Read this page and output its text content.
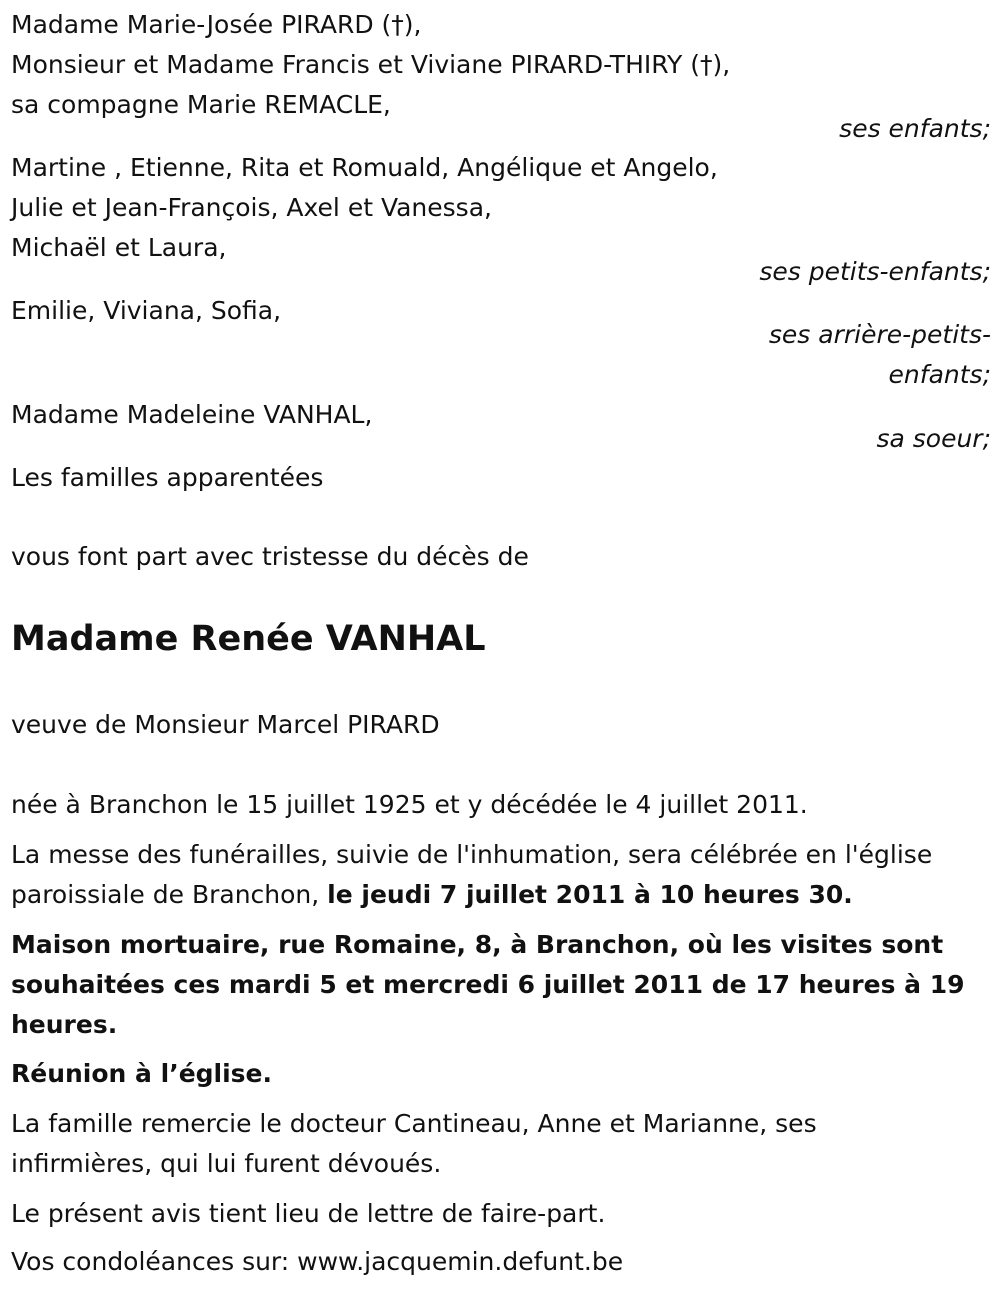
Madame Marie-Josée PIRARD (†),
Monsieur et Madame Francis et Viviane PIRARD-THIRY (†),
sa compagne Marie REMACLE,
ses enfants;
Martine , Etienne, Rita et Romuald, Angélique et Angelo,
Julie et Jean-François, Axel et Vanessa,
Michaël et Laura,
ses petits-enfants;
Emilie, Viviana, Sofia,
ses arrière-petits-
enfants;
Madame Madeleine VANHAL,
sa soeur;
Les familles apparentées
vous font part avec tristesse du décès de
Madame Renée VANHAL
veuve de Monsieur Marcel PIRARD
née à Branchon le 15 juillet 1925 et y décédée le 4 juillet 2011.
La messe des funérailles, suivie de l'inhumation, sera célébrée en l'église
paroissiale de Branchon, le jeudi 7 juillet 2011 à 10 heures 30.
Maison mortuaire, rue Romaine, 8, à Branchon, où les visites sont
souhaitées ces mardi 5 et mercredi 6 juillet 2011 de 17 heures à 19
heures.
Réunion à l’église.
La famille remercie le docteur Cantineau, Anne et Marianne, ses
infirmières, qui lui furent dévoués.
Le présent avis tient lieu de lettre de faire-part.
Vos condoléances sur: www.jacquemin.defunt.be
